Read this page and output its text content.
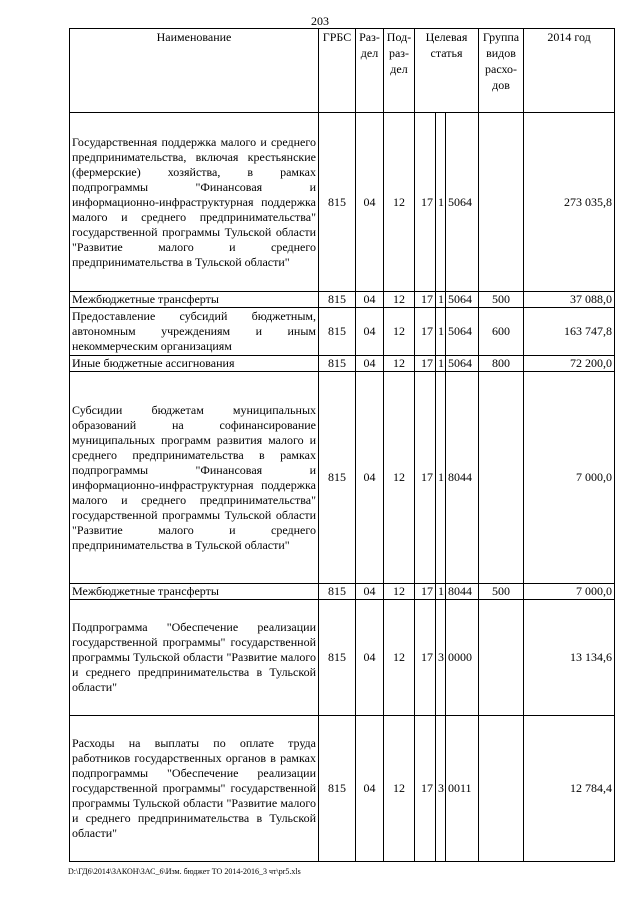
203
Наименование	ГРБС	Раз-дел	Под-раз-дел	Целевая статья			Группа видов расхо-дов	2014 год
Государственная поддержка малого и среднего предпринимательства, включая крестьянские (фермерские) хозяйства, в рамках подпрограммы "Финансовая и информационно-инфраструктурная поддержка малого и среднего предпринимательства" государственной программы Тульской области "Развитие малого и среднего предпринимательства в Тульской области"	815	04	12	17	1	5064		273 035,8
Межбюджетные трансферты	815	04	12	17	1	5064	500	37 088,0
Предоставление субсидий бюджетным, автономным учреждениям и иным некоммерческим организациям	815	04	12	17	1	5064	600	163 747,8
Иные бюджетные ассигнования	815	04	12	17	1	5064	800	72 200,0
Субсидии бюджетам муниципальных образований на софинансирование муниципальных программ развития малого и среднего предпринимательства в рамках подпрограммы "Финансовая и информационно-инфраструктурная поддержка малого и среднего предпринимательства" государственной программы Тульской области "Развитие малого и среднего предпринимательства в Тульской области"	815	04	12	17	1	8044		7 000,0
Межбюджетные трансферты	815	04	12	17	1	8044	500	7 000,0
Подпрограмма "Обеспечение реализации государственной программы" государственной программы Тульской области "Развитие малого и среднего предпринимательства в Тульской области"	815	04	12	17	3	0000		13 134,6
Расходы на выплаты по оплате труда работников государственных органов в рамках подпрограммы "Обеспечение реализации государственной программы" государственной программы Тульской области "Развитие малого и среднего предпринимательства в Тульской области"	815	04	12	17	3	0011		12 784,4
D:\ГД6\2014\ЗАКОН\ЗАС_6\Изм. бюджет ТО 2014-2016_3 чт\pr5.xls
